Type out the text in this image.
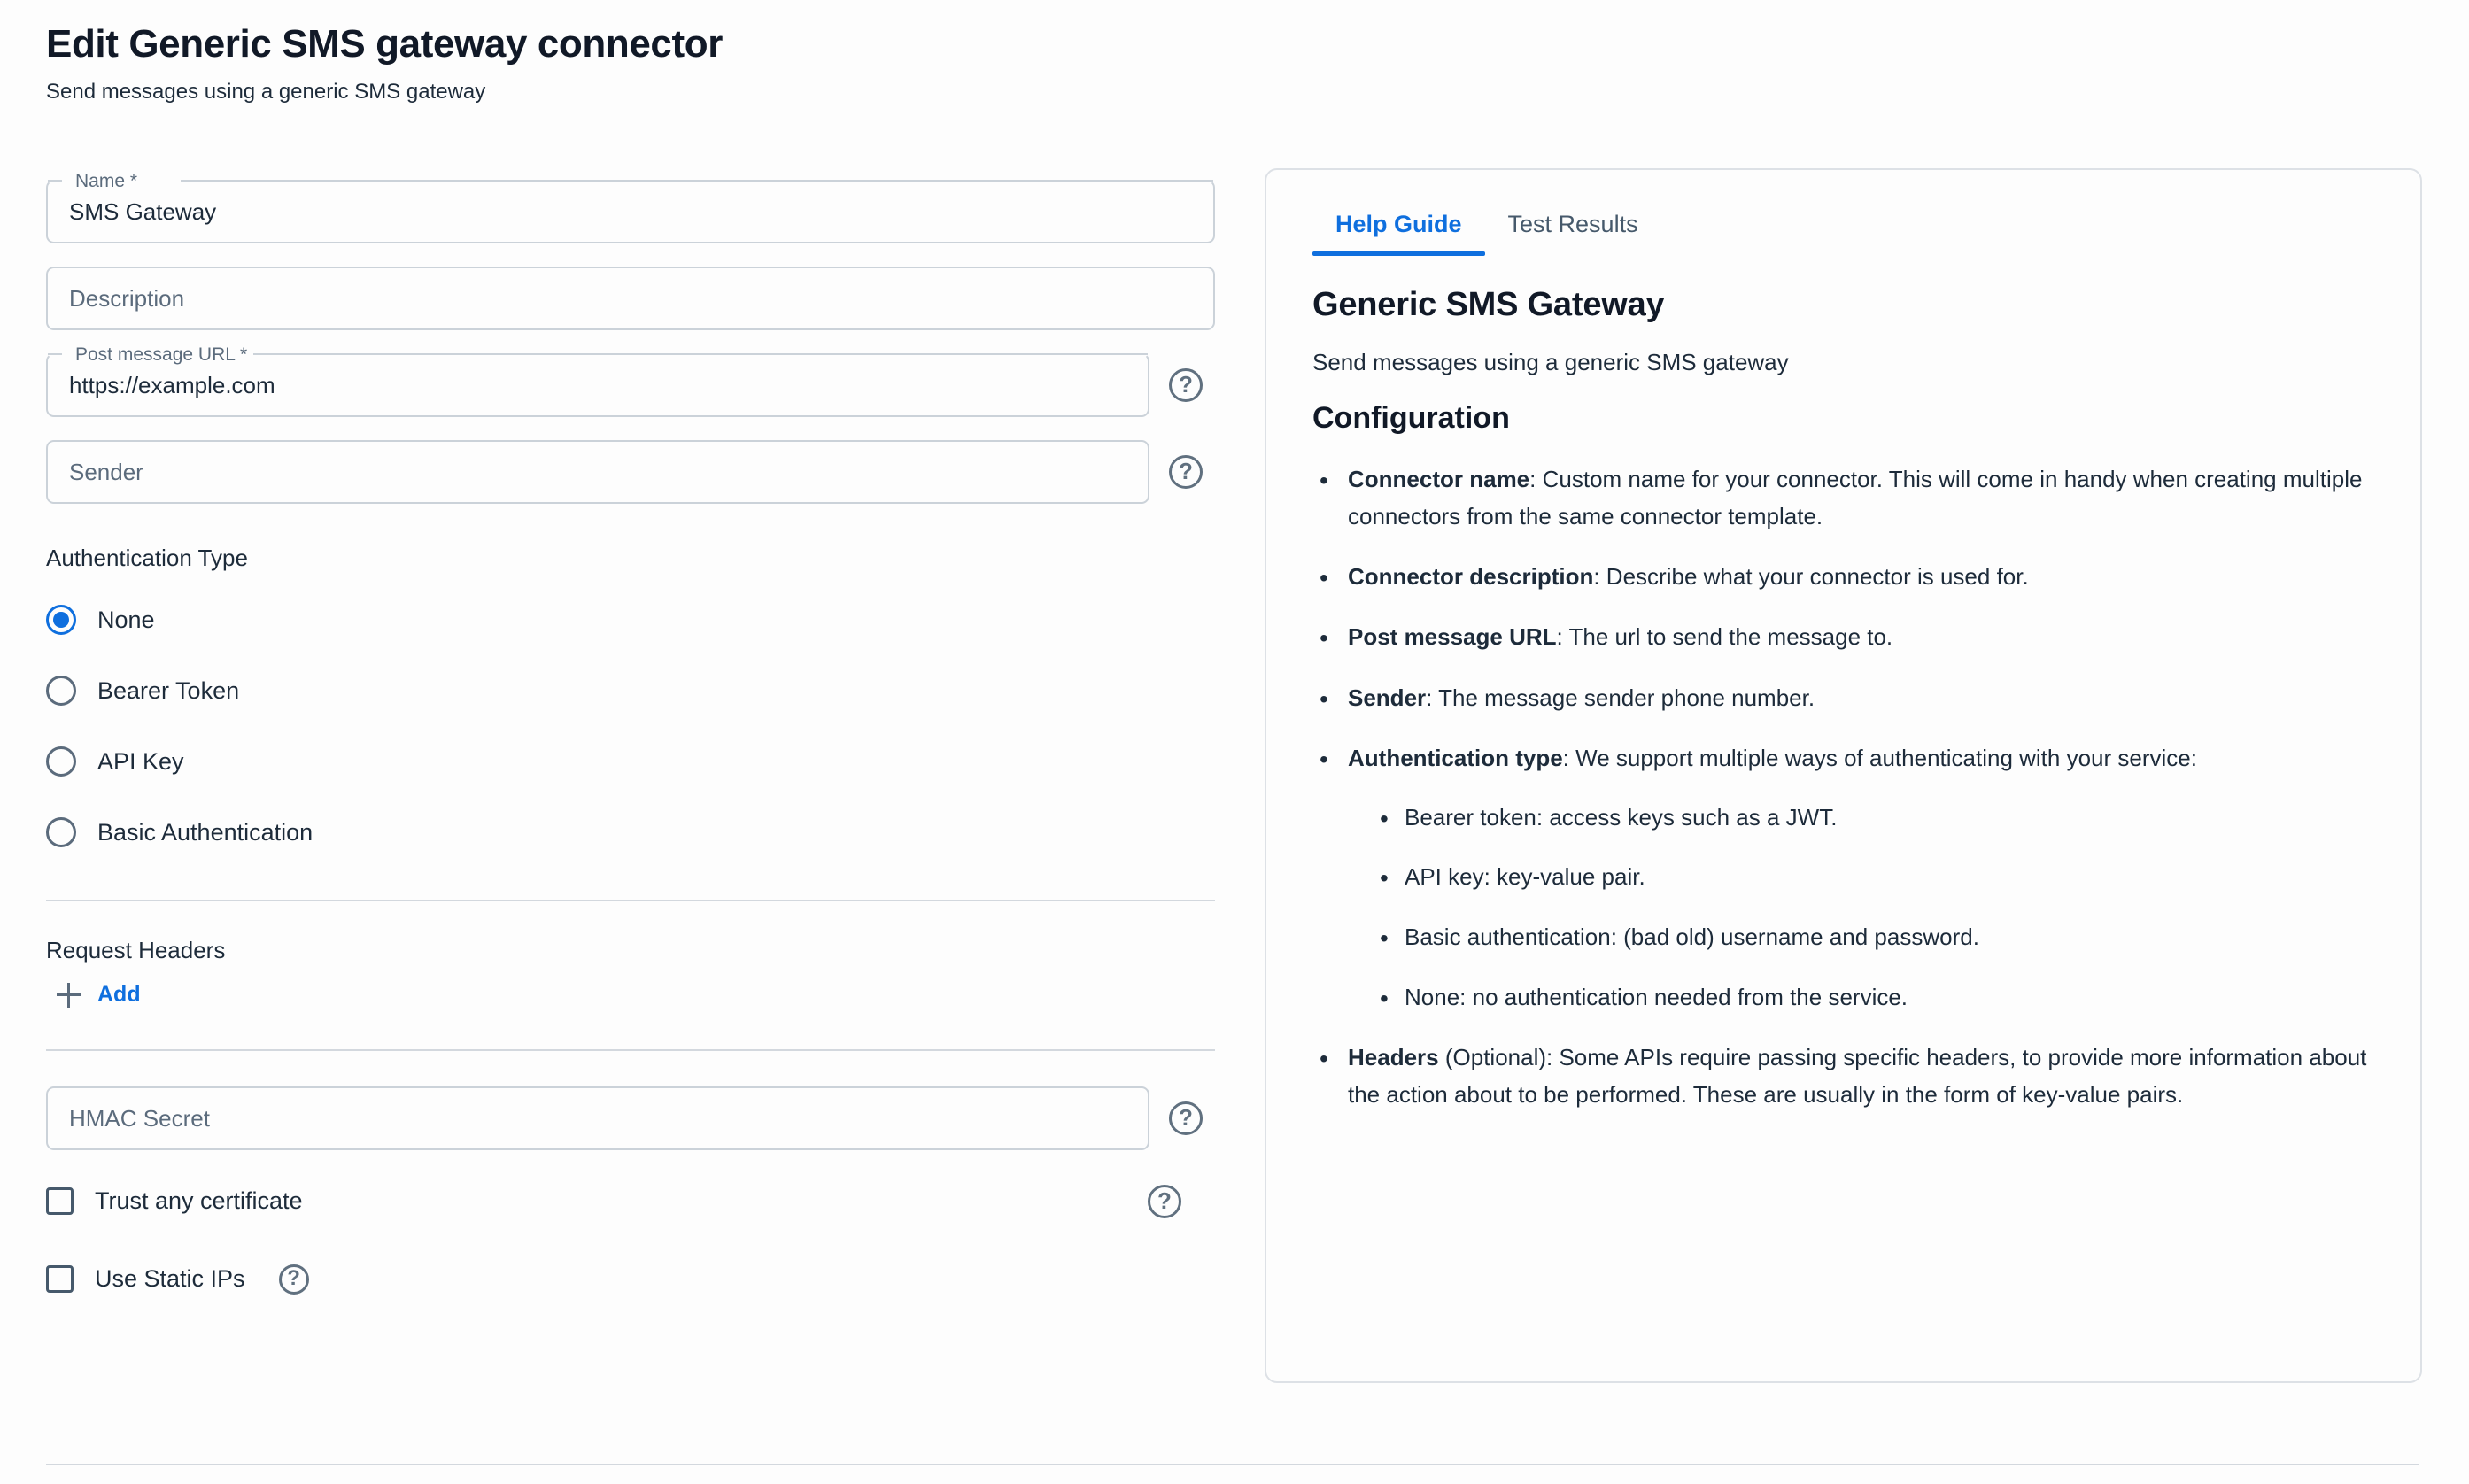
Edit Generic SMS gateway connector
Send messages using a generic SMS gateway
Name *
SMS Gateway
Description
Post message URL *
https://example.com	?
Sender	?
Authentication Type
None
Bearer Token
API Key
Basic Authentication
Request Headers
Add
HMAC Secret	?
Trust any certificate	?
Use Static IPs ?
Help Guide	Test Results
Generic SMS Gateway
Send messages using a generic SMS gateway
Configuration
• Connector name: Custom name for your connector. This will come in handy when creating multiple connectors from the same connector template.
• Connector description: Describe what your connector is used for.
• Post message URL: The url to send the message to.
• Sender: The message sender phone number.
• Authentication type: We support multiple ways of authenticating with your service:
• Bearer token: access keys such as a JWT.
• API key: key-value pair.
• Basic authentication: (bad old) username and password.
• None: no authentication needed from the service.
• Headers (Optional): Some APIs require passing specific headers, to provide more information about the action about to be performed. These are usually in the form of key-value pairs.
